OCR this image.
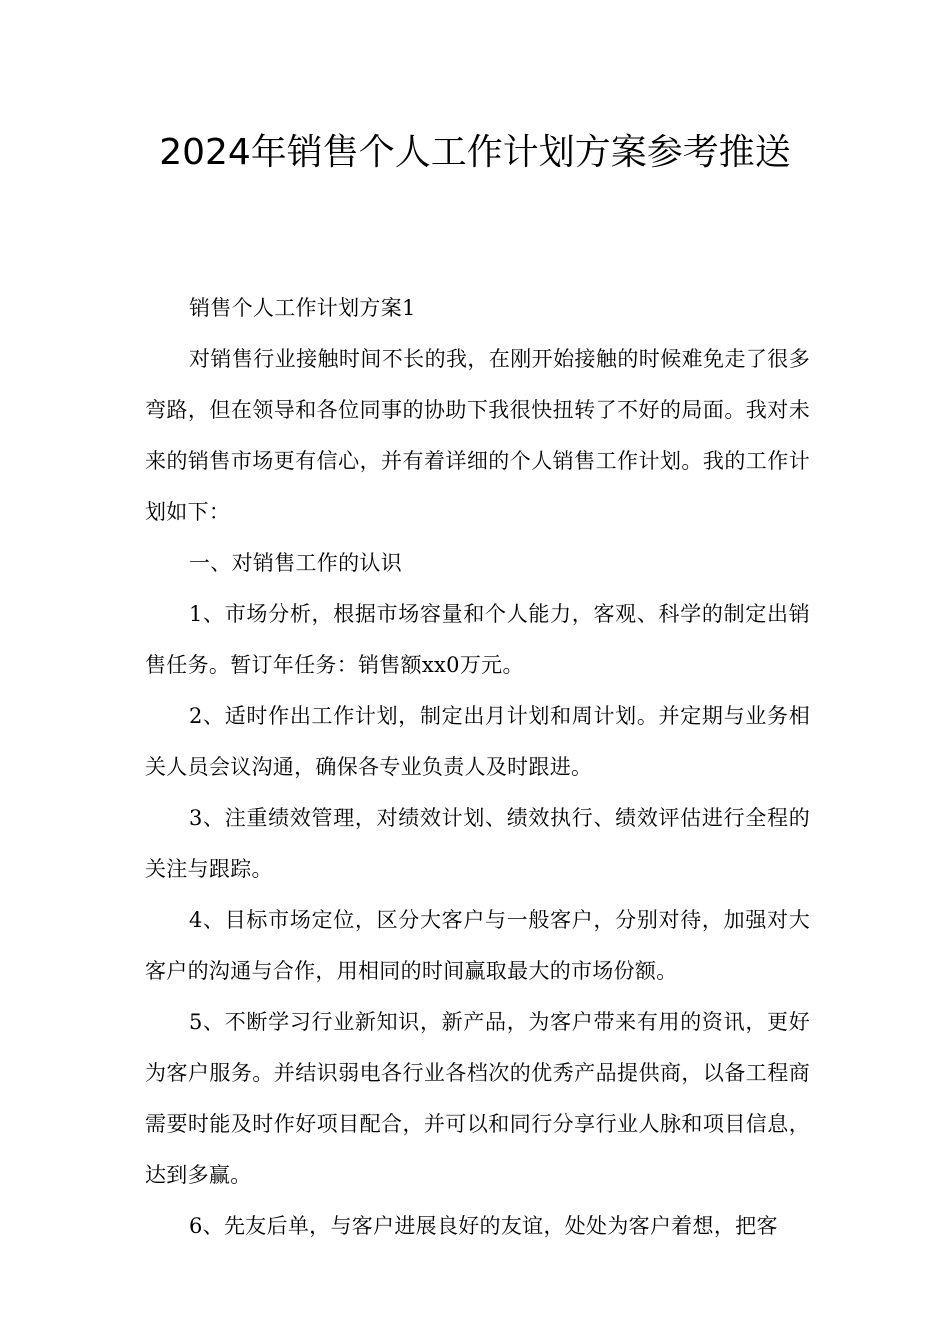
2024年销售个人工作计划方案参考推送

销售个人工作计划方案1

对销售行业接触时间不长的我，在刚开始接触的时候难免走了很多弯路，但在领导和各位同事的协助下我很快扭转了不好的局面。我对未来的销售市场更有信心，并有着详细的个人销售工作计划。我的工作计划如下：

一、对销售工作的认识

1、市场分析，根据市场容量和个人能力，客观、科学的制定出销售任务。暂订年任务：销售额xx0万元。

2、适时作出工作计划，制定出月计划和周计划。并定期与业务相关人员会议沟通，确保各专业负责人及时跟进。

3、注重绩效管理，对绩效计划、绩效执行、绩效评估进行全程的关注与跟踪。

4、目标市场定位，区分大客户与一般客户，分别对待，加强对大客户的沟通与合作，用相同的时间赢取最大的市场份额。

5、不断学习行业新知识，新产品，为客户带来有用的资讯，更好为客户服务。并结识弱电各行业各档次的优秀产品提供商，以备工程商需要时能及时作好项目配合，并可以和同行分享行业人脉和项目信息，达到多赢。

6、先友后单，与客户进展良好的友谊，处处为客户着想，把客
